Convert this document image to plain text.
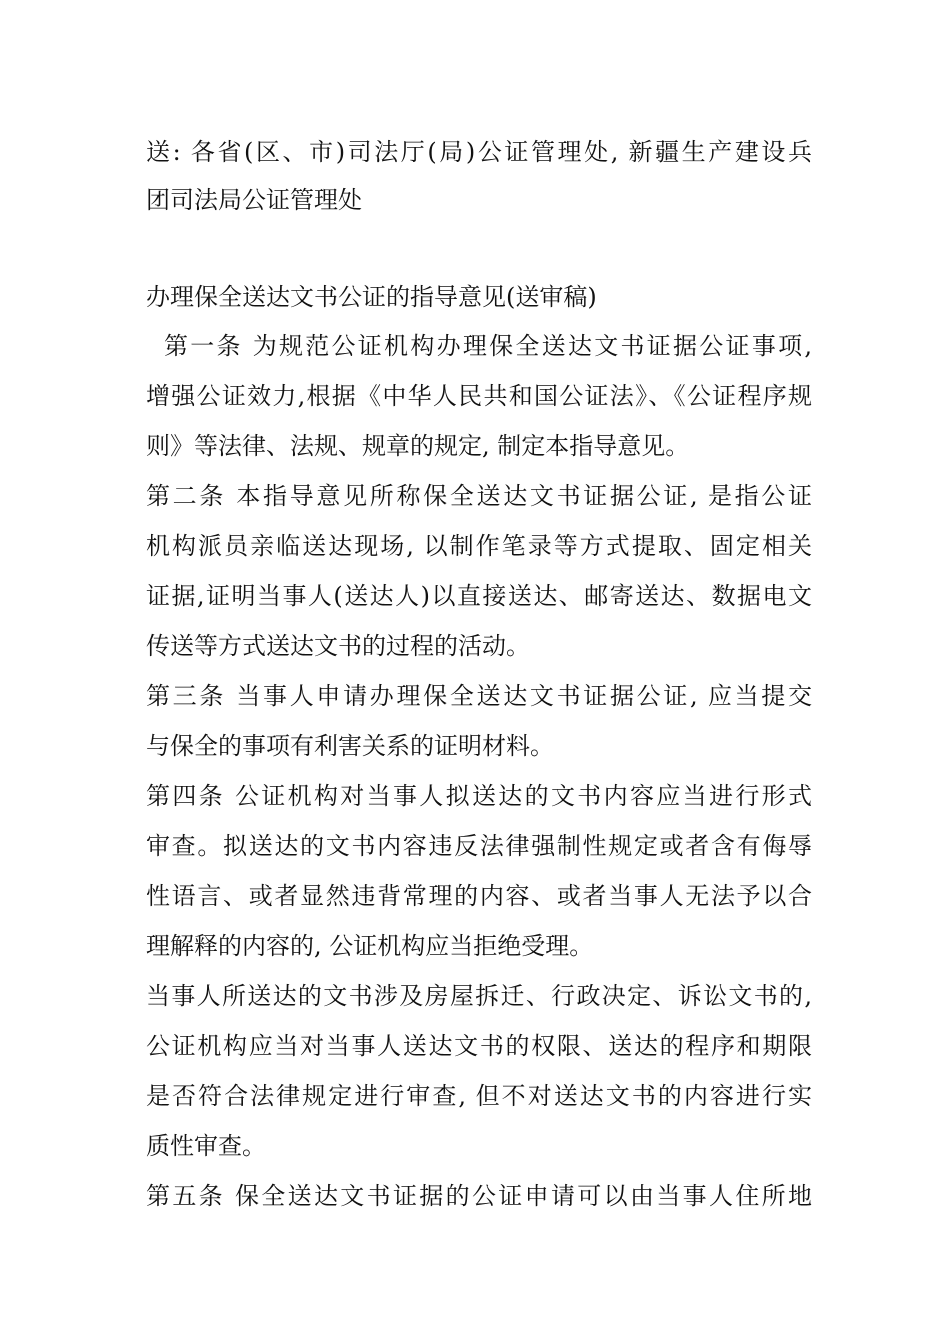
送: 各省(区、市)司法厅(局)公证管理处, 新疆生产建设兵

团司法局公证管理处

办理保全送达文书公证的指导意见(送审稿)

第一条 为规范公证机构办理保全送达文书证据公证事项,

增强公证效力,根据《中华人民共和国公证法》、《公证程序规

则》等法律、法规、规章的规定, 制定本指导意见。

第二条 本指导意见所称保全送达文书证据公证, 是指公证

机构派员亲临送达现场, 以制作笔录等方式提取、固定相关

证据,证明当事人(送达人)以直接送达、邮寄送达、数据电文

传送等方式送达文书的过程的活动。

第三条 当事人申请办理保全送达文书证据公证, 应当提交

与保全的事项有利害关系的证明材料。

第四条 公证机构对当事人拟送达的文书内容应当进行形式

审查。拟送达的文书内容违反法律强制性规定或者含有侮辱

性语言、或者显然违背常理的内容、或者当事人无法予以合

理解释的内容的, 公证机构应当拒绝受理。

当事人所送达的文书涉及房屋拆迁、行政决定、诉讼文书的,

公证机构应当对当事人送达文书的权限、送达的程序和期限

是否符合法律规定进行审查, 但不对送达文书的内容进行实

质性审查。

第五条 保全送达文书证据的公证申请可以由当事人住所地
